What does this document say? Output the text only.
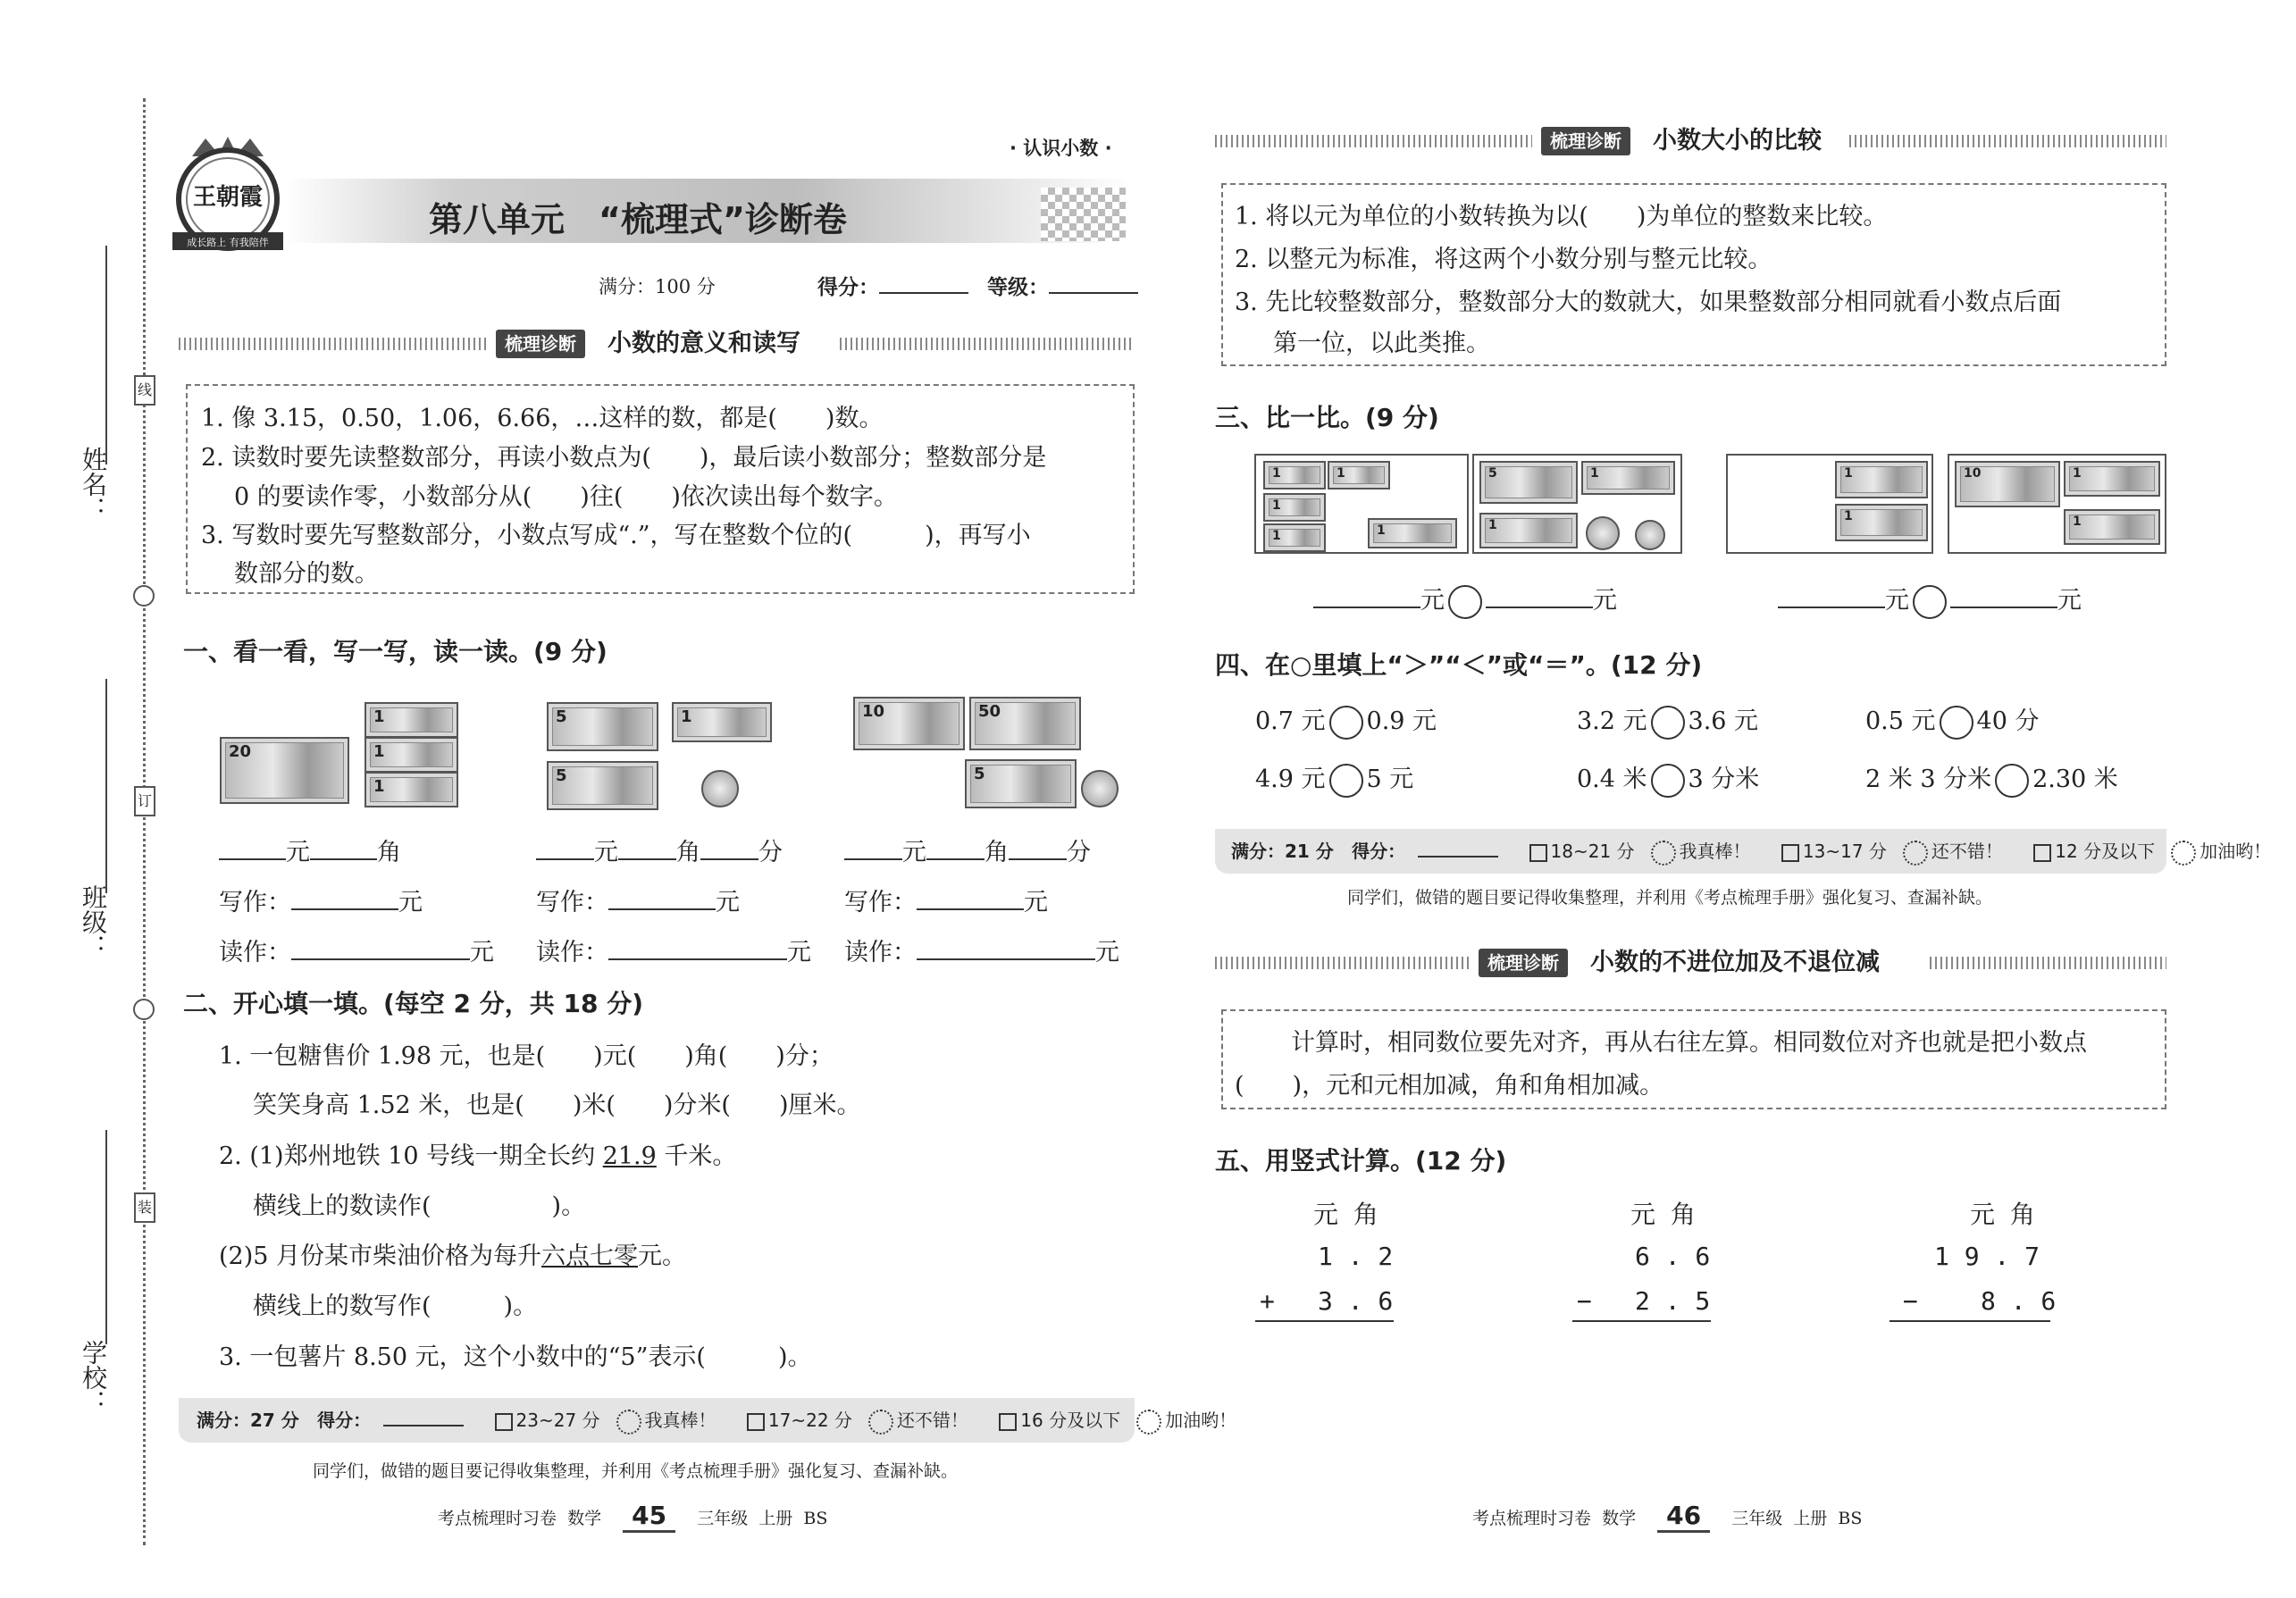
姓名：
班级：
学校：
线
订
装
王朝霞
成长路上 有我陪伴
· 认识小数 ·
第八单元　“梳理式”诊断卷
满分：100 分	得分：	等级：
梳理诊断	小数的意义和读写
1. 像 3.15，0.50，1.06，6.66，…这样的数，都是(　　)数。
2. 读数时要先读整数部分，再读小数点为(　　)，最后读小数部分；整数部分是
0 的要读作零，小数部分从(　　)往(　　)依次读出每个数字。
3. 写数时要先写整数部分，小数点写成“.”，写在整数个位的(　　　)，再写小
数部分的数。
一、看一看，写一写，读一读。(9 分)
20
1
1
1
5	1
5
10	50
5
元	角	元 角 分	元 角 分
写作：	元	写作：	元	写作：	元
读作：	元 读作：	元 读作：	元
二、开心填一填。(每空 2 分，共 18 分)
1. 一包糖售价 1.98 元，也是(　　)元(　　)角(　　)分；
笑笑身高 1.52 米，也是(　　)米(　　)分米(　　)厘米。
2. (1)郑州地铁 10 号线一期全长约 21.9 千米。
横线上的数读作(　　　　　)。
(2)5 月份某市柴油价格为每升六点七零元。
横线上的数写作(　　　)。
3. 一包薯片 8.50 元，这个小数中的“5”表示(　　　)。
满分：27 分 得分：	23~27 分	我真棒！	17~22 分	还不错！	16 分及以下	加油哟！
同学们，做错的题目要记得收集整理，并利用《考点梳理手册》强化复习、查漏补缺。
考点梳理时习卷 数学 45 三年级 上册 BS
梳理诊断	小数大小的比较
1. 将以元为单位的小数转换为以(　　)为单位的整数来比较。
2. 以整元为标准，将这两个小数分别与整元比较。
3. 先比较整数部分，整数部分大的数就大，如果整数部分相同就看小数点后面
第一位，以此类推。
三、比一比。(9 分)
1	1
1
1	1
5	1
1
1
1
10	1
1
元	元	元	元
四、在○里填上“＞”“＜”或“＝”。(12 分)
0.7 元 0.9 元	3.2 元 3.6 元	0.5 元 40 分
4.9 元 5 元	0.4 米 3 分米	2 米 3 分米 2.30 米
满分：21 分 得分：	18~21 分	我真棒！	13~17 分	还不错！	12 分及以下	加油哟！
同学们，做错的题目要记得收集整理，并利用《考点梳理手册》强化复习、查漏补缺。
梳理诊断	小数的不进位加及不退位减
计算时，相同数位要先对齐，再从右往左算。相同数位对齐也就是把小数点
(　　)，元和元相加减，角和角相加减。
五、用竖式计算。(12 分)
元 角
1 . 2
+ 3 . 6
元 角
6 . 6
− 2 . 5
元 角
1 9 . 7
−	8 . 6
考点梳理时习卷 数学 46 三年级 上册 BS
